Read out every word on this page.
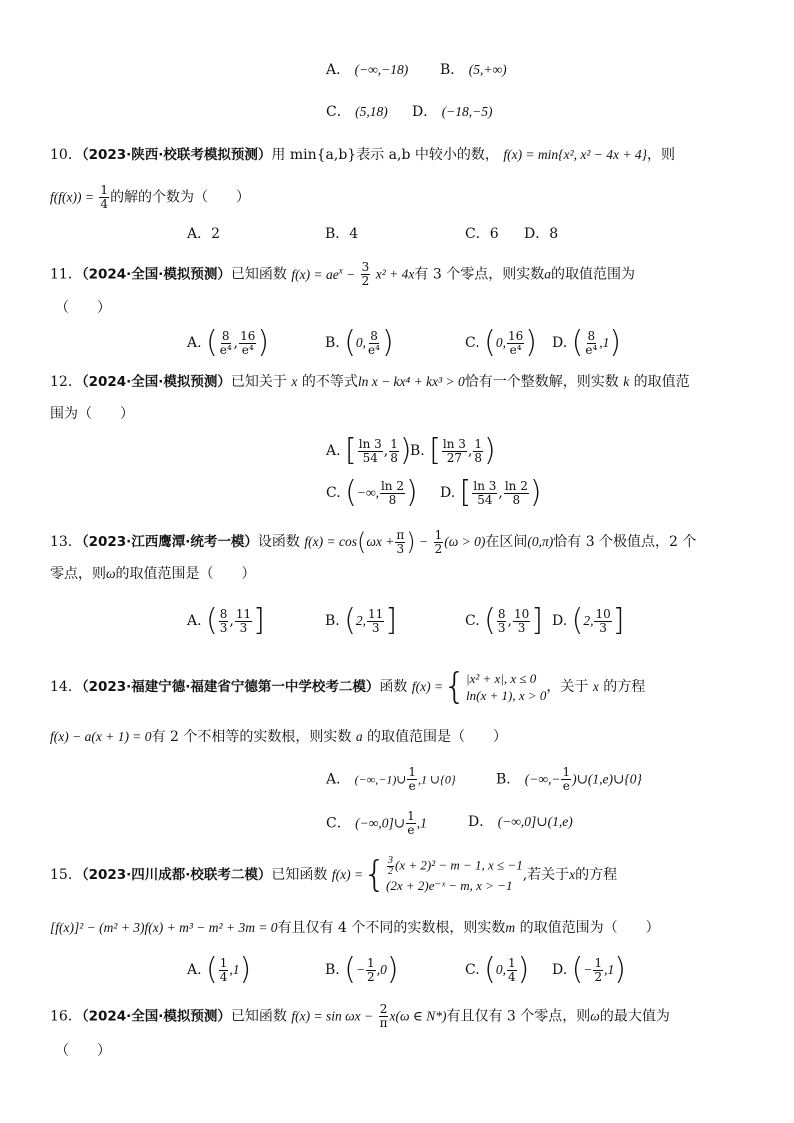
A． (−∞,−18) B． (5,+∞)
C． (5,18) D． (−18,−5)
10．（2023·陕西·校联考模拟预测）用 min{a,b}表示 a,b 中较小的数， f(x) = min{x², x² − 4x + 4}，则
$f(f(x)) = \frac{1}{4}$ 的解的个数为（　　）
A．2	B．4	C．6 D．8
11．（2024·全国·模拟预测）已知函数 $f(x) = ae^x - \frac{3}{2} x^2 + 4x$有 3 个零点，则实数a的取值范围为
（　　）
A. ( $\frac{8}{\text{e⁴}}$ , $\frac{16}{\text{e⁴}}$ )	B. (0, $\frac{8}{\text{e⁴}}$ )	C. (0, $\frac{16}{\text{e⁴}}$ ) D. ( $\frac{8}{\text{e⁴}} ,1$)
12．（2024·全国·模拟预测）已知关于 x 的不等式ln x − kx⁴ + kx³ > 0恰有一个整数解，则实数 k 的取值范
围为（　　）
A. [ $\frac{\ln 3}{54}$ , $\frac{1}{8}$ )
B. [ $\frac{\ln 3}{27}$ , $\frac{1}{8}$ )
C. (−∞, $\frac{\ln 2}{8}$ ) D. [ $\frac{\ln 3}{54}$ , $\frac{\ln 2}{8}$ )
13．（2023·江西鹰潭·统考一模）设函数 $f(x) = \cos(\omega x + \frac{\pi}{3}$ ) − $\frac{1}{2} (\omega > 0)$在区间(0,π)恰有 3 个极值点，2 个
零点，则ω的取值范围是（　　）
A. ( $\frac{8}{3}$ , $\frac{11}{3}$ ]	B. (2, $\frac{11}{3}$ ]	C. ( $\frac{8}{3}$ , $\frac{10}{3}$ ] D. (2, $\frac{10}{3}$ ]
14．（2023·福建宁德·福建省宁德第一中学校考二模）函数 f(x) = { |x² + x|, x ≤ 0
ln(x + 1), x > 0
，关于 x 的方程
f(x) − a(x + 1) = 0有 2 个不相等的实数根，则实数 a 的取值范围是（　　）
A． (−∞,−1)∪ $\frac{1}{e} ,1$ ∪{0}	B． (−∞,− $\frac{1}{e}$ )∪(1,e)∪{0}
C． (−∞,0]∪ $\frac{1}{e} ,1$	D． (−∞,0]∪(1,e)
15．（2023·四川成都·校联考二模）已知函数 f(x) = { $\frac{3}{2} (x + 2)^2 - m - 1$, x ≤ −1
(2x + 2)e⁻ˣ − m, x > −1
,若关于x的方程
[f(x)]² − (m² + 3)f(x) + m³ − m² + 3m = 0有且仅有 4 个不同的实数根，则实数m 的取值范围为（　　）
A. ( $\frac{1}{4} ,1$)	B. (− $\frac{1}{2} ,0$)	C. (0, $\frac{1}{4}$ ) D. (− $\frac{1}{2} ,1$)
16．（2024·全国·模拟预测）已知函数 $f(x) = \sin \omega x - \frac{2}{\pi} x(\omega$ ∈ N*)有且仅有 3 个零点，则ω的最大值为
（　　）
